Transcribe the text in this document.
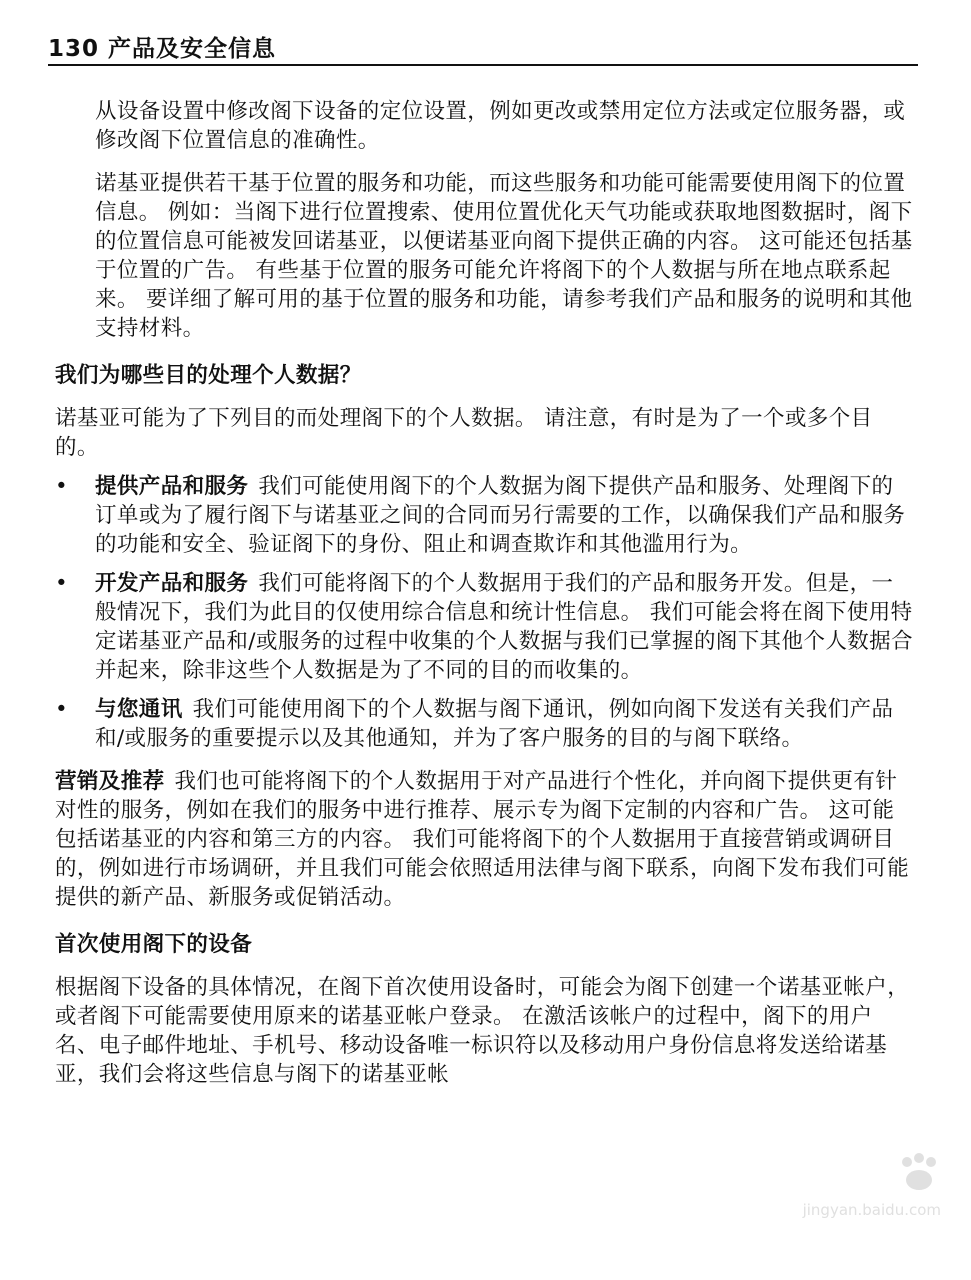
130 产品及安全信息

从设备设置中修改阁下设备的定位设置，例如更改或禁用定位方法或定位服务器，或修改阁下位置信息的准确性。

诺基亚提供若干基于位置的服务和功能，而这些服务和功能可能需要使用阁下的位置信息。 例如：当阁下进行位置搜索、使用位置优化天气功能或获取地图数据时，阁下的位置信息可能被发回诺基亚，以便诺基亚向阁下提供正确的内容。 这可能还包括基于位置的广告。 有些基于位置的服务可能允许将阁下的个人数据与所在地点联系起来。 要详细了解可用的基于位置的服务和功能，请参考我们产品和服务的说明和其他支持材料。

我们为哪些目的处理个人数据？

诺基亚可能为了下列目的而处理阁下的个人数据。 请注意，有时是为了一个或多个目的。

• 提供产品和服务 我们可能使用阁下的个人数据为阁下提供产品和服务、处理阁下的订单或为了履行阁下与诺基亚之间的合同而另行需要的工作，以确保我们产品和服务的功能和安全、验证阁下的身份、阻止和调查欺诈和其他滥用行为。
• 开发产品和服务 我们可能将阁下的个人数据用于我们的产品和服务开发。但是，一般情况下，我们为此目的仅使用综合信息和统计性信息。 我们可能会将在阁下使用特定诺基亚产品和/或服务的过程中收集的个人数据与我们已掌握的阁下其他个人数据合并起来，除非这些个人数据是为了不同的目的而收集的。
• 与您通讯 我们可能使用阁下的个人数据与阁下通讯，例如向阁下发送有关我们产品和/或服务的重要提示以及其他通知，并为了客户服务的目的与阁下联络。

营销及推荐 我们也可能将阁下的个人数据用于对产品进行个性化，并向阁下提供更有针对性的服务，例如在我们的服务中进行推荐、展示专为阁下定制的内容和广告。 这可能包括诺基亚的内容和第三方的内容。 我们可能将阁下的个人数据用于直接营销或调研目的，例如进行市场调研，并且我们可能会依照适用法律与阁下联系，向阁下发布我们可能提供的新产品、新服务或促销活动。

首次使用阁下的设备

根据阁下设备的具体情况，在阁下首次使用设备时，可能会为阁下创建一个诺基亚帐户，或者阁下可能需要使用原来的诺基亚帐户登录。 在激活该帐户的过程中，阁下的用户名、电子邮件地址、手机号、移动设备唯一标识符以及移动用户身份信息将发送给诺基亚，我们会将这些信息与阁下的诺基亚帐

jingyan.baidu.com
